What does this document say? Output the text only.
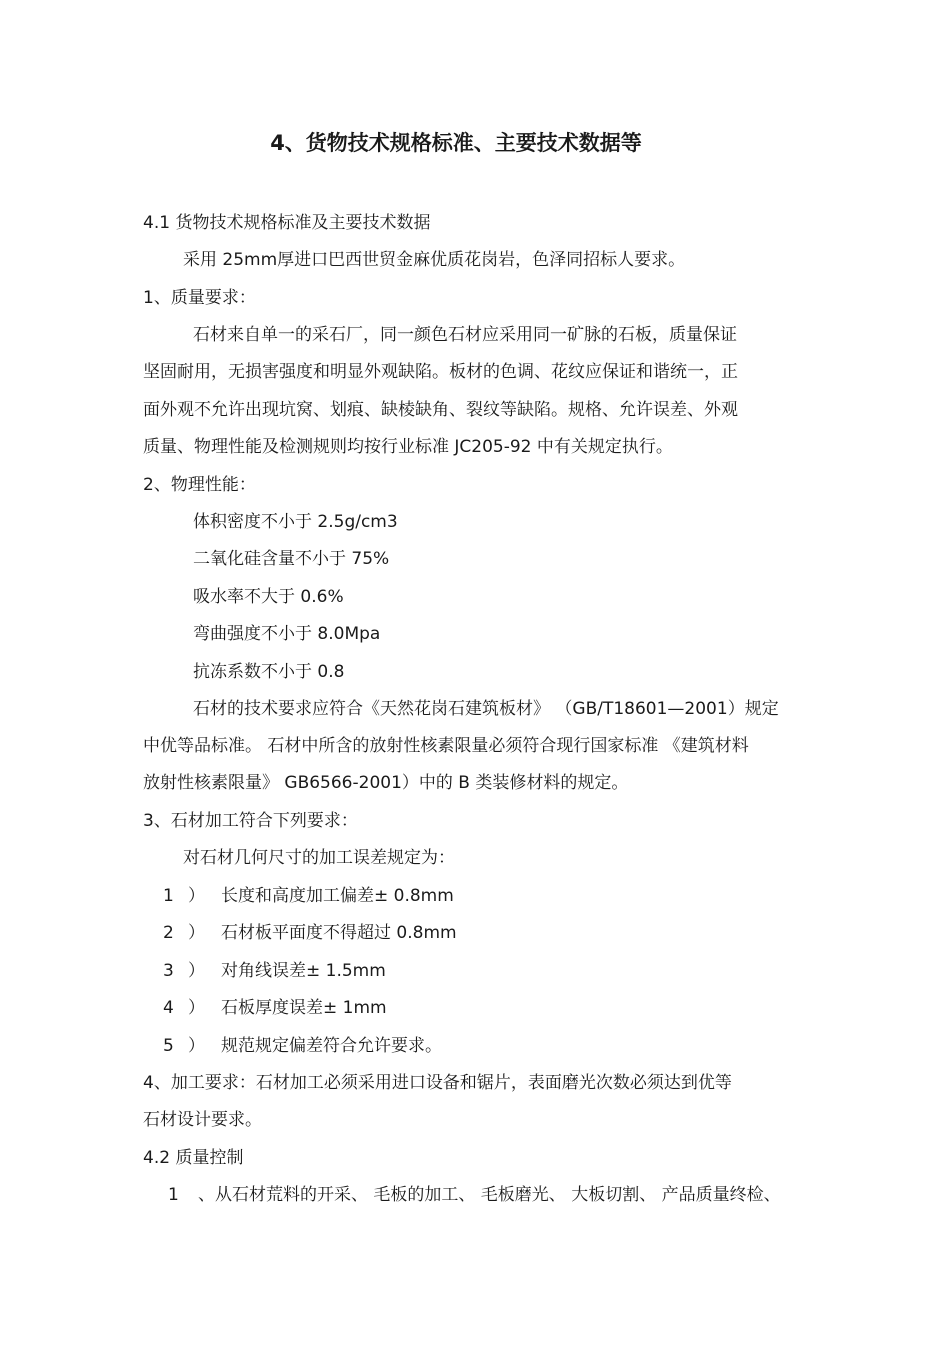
4、货物技术规格标准、主要技术数据等

4.1 货物技术规格标准及主要技术数据

采用 25mm厚进口巴西世贸金麻优质花岗岩，色泽同招标人要求。

1、质量要求：

石材来自单一的采石厂，同一颜色石材应采用同一矿脉的石板，质量保证

坚固耐用，无损害强度和明显外观缺陷。板材的色调、花纹应保证和谐统一，正

面外观不允许出现坑窝、划痕、缺棱缺角、裂纹等缺陷。规格、允许误差、外观

质量、物理性能及检测规则均按行业标准 JC205-92 中有关规定执行。

2、物理性能：

体积密度不小于 2.5g/cm3

二氧化硅含量不小于 75%

吸水率不大于 0.6%

弯曲强度不小于 8.0Mpa

抗冻系数不小于 0.8

石材的技术要求应符合《天然花岗石建筑板材》 （GB/T18601—2001）规定

中优等品标准。 石材中所含的放射性核素限量必须符合现行国家标准 《建筑材料

放射性核素限量》 GB6566-2001）中的 B 类装修材料的规定。

3、石材加工符合下列要求：

对石材几何尺寸的加工误差规定为：

1 ） 长度和高度加工偏差± 0.8mm
2 ） 石材板平面度不得超过 0.8mm
3 ） 对角线误差± 1.5mm
4 ） 石板厚度误差± 1mm
5 ） 规范规定偏差符合允许要求。

4、加工要求：石材加工必须采用进口设备和锯片，表面磨光次数必须达到优等

石材设计要求。

4.2 质量控制

1 、从石材荒料的开采、 毛板的加工、 毛板磨光、 大板切割、 产品质量终检、
